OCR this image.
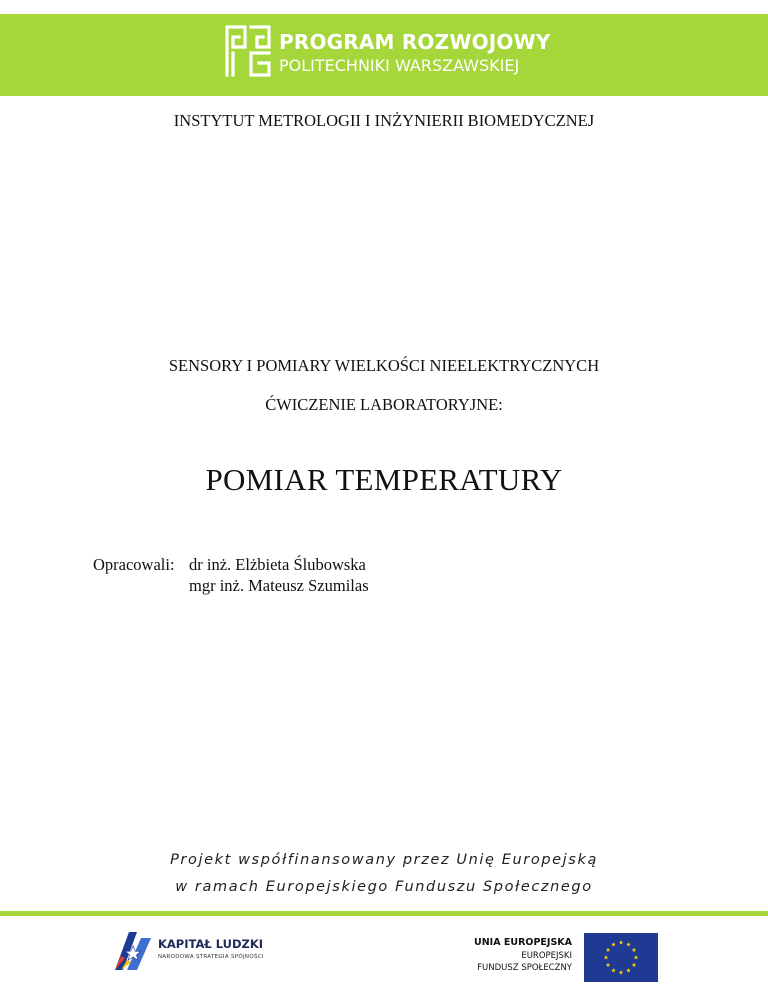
PROGRAM ROZWOJOWY
POLITECHNIKI WARSZAWSKIEJ
INSTYTUT METROLOGII I INŻYNIERII BIOMEDYCZNEJ
SENSORY I POMIARY WIELKOŚCI NIEELEKTRYCZNYCH
ĆWICZENIE LABORATORYJNE:
POMIAR TEMPERATURY
Opracowali: dr inż. Elżbieta Ślubowska
mgr inż. Mateusz Szumilas
Projekt współfinansowany przez Unię Europejską
w ramach Europejskiego Funduszu Społecznego
KAPITAŁ LUDZKI
NARODOWA STRATEGIA SPÓJNOŚCI
UNIA EUROPEJSKA
EUROPEJSKI
FUNDUSZ SPOŁECZNY
